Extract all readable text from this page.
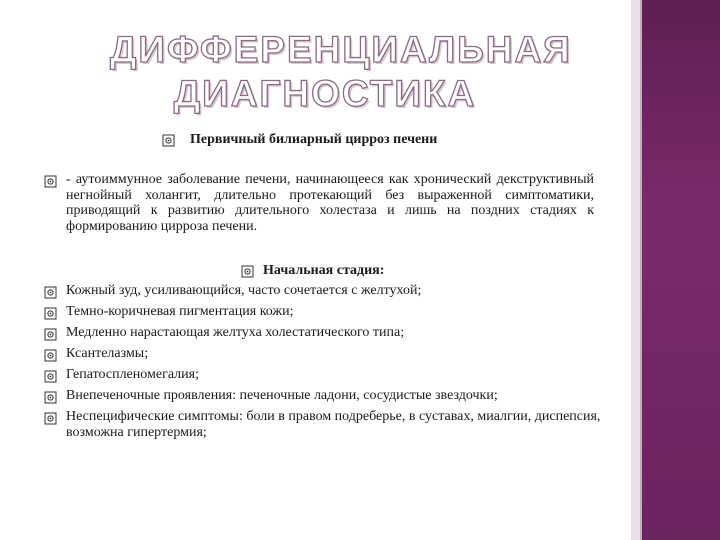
ДИФФЕРЕНЦИАЛЬНАЯ
ДИАГНОСТИКА
Первичный билиарный цирроз печени
- аутоиммунное заболевание печени, начинающееся как хронический декструктивный негнойный холангит, длительно протекающий без выраженной симптоматики, приводящий к развитию длительного холестаза и лишь на поздних стадиях к формированию цирроза печени.
Начальная стадия:
Кожный зуд, усиливающийся, часто сочетается с желтухой;
Темно-коричневая пигментация кожи;
Медленно нарастающая желтуха холестатического типа;
Ксантелазмы;
Гепатоспленомегалия;
Внепеченочные проявления: печеночные ладони, сосудистые звездочки;
Неспецифические симптомы: боли в правом подреберье, в суставах, миалгии, диспепсия, возможна гипертермия;
